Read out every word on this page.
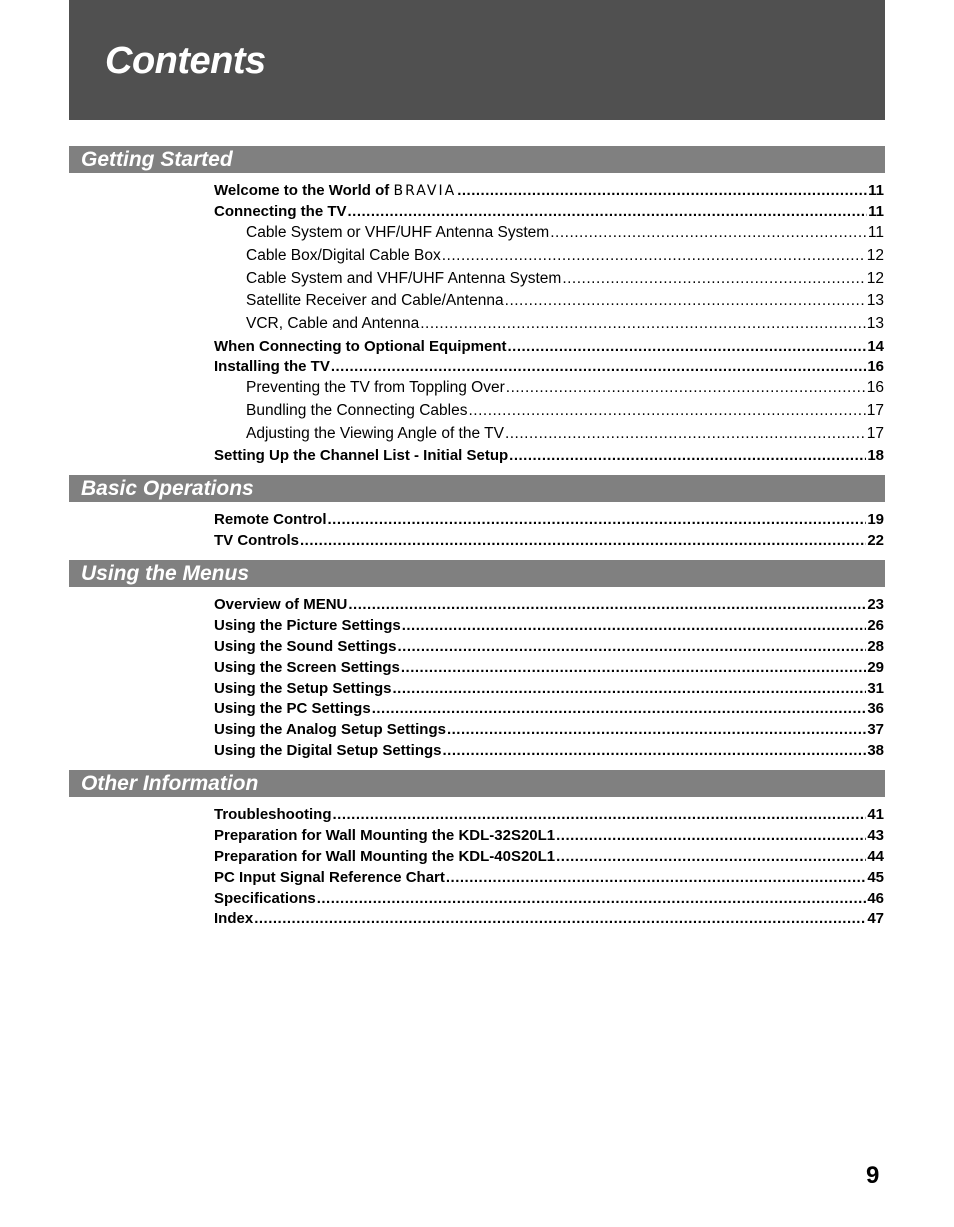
Contents
Getting Started
Welcome to the World of BRAVIA .....	11
Connecting the TV .....	11
Cable System or VHF/UHF Antenna System .....	11
Cable Box/Digital Cable Box .....	12
Cable System and VHF/UHF Antenna System .....	12
Satellite Receiver and Cable/Antenna .....	13
VCR, Cable and Antenna .....	13
When Connecting to Optional Equipment .....	14
Installing the TV .....	16
Preventing the TV from Toppling Over .....	16
Bundling the Connecting Cables .....	17
Adjusting the Viewing Angle of the TV .....	17
Setting Up the Channel List - Initial Setup .....	18
Basic Operations
Remote Control .....	19
TV Controls .....	22
Using the Menus
Overview of MENU .....	23
Using the Picture Settings .....	26
Using the Sound Settings .....	28
Using the Screen Settings .....	29
Using the Setup Settings .....	31
Using the PC Settings .....	36
Using the Analog Setup Settings .....	37
Using the Digital Setup Settings .....	38
Other Information
Troubleshooting .....	41
Preparation for Wall Mounting the KDL-32S20L1 .....	43
Preparation for Wall Mounting the KDL-40S20L1 .....	44
PC Input Signal Reference Chart .....	45
Specifications .....	46
Index .....	47
9
